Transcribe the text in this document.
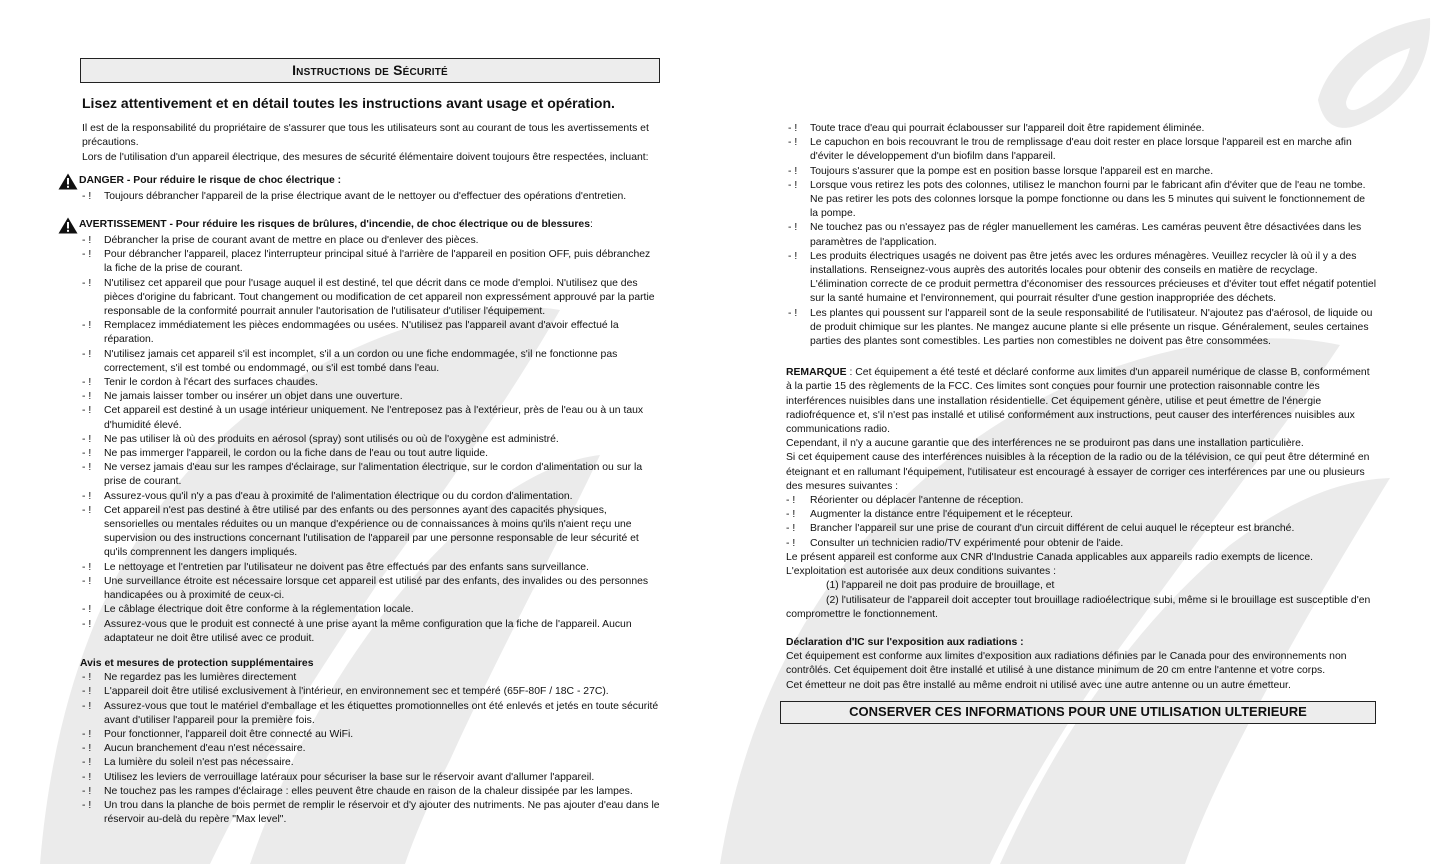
Instructions de Sécurité
Lisez attentivement et en détail toutes les instructions avant usage et opération.
Il est de la responsabilité du propriétaire de s'assurer que tous les utilisateurs sont au courant de tous les avertissements et précautions.
Lors de l'utilisation d'un appareil électrique, des mesures de sécurité élémentaire doivent toujours être respectées, incluant:
DANGER - Pour réduire le risque de choc électrique :
- ! Toujours débrancher l'appareil de la prise électrique avant de le nettoyer ou d'effectuer des opérations d'entretien.
AVERTISSEMENT - Pour réduire les risques de brûlures, d'incendie, de choc électrique ou de blessures :
- ! Débrancher la prise de courant avant de mettre en place ou d'enlever des pièces.
- ! Pour débrancher l'appareil, placez l'interrupteur principal situé à l'arrière de l'appareil en position OFF, puis débranchez la fiche de la prise de courant.
- ! N'utilisez cet appareil que pour l'usage auquel il est destiné, tel que décrit dans ce mode d'emploi. N'utilisez que des pièces d'origine du fabricant. Tout changement ou modification de cet appareil non expressément approuvé par la partie responsable de la conformité pourrait annuler l'autorisation de l'utilisateur d'utiliser l'équipement.
- ! Remplacez immédiatement les pièces endommagées ou usées. N'utilisez pas l'appareil avant d'avoir effectué la réparation.
- ! N'utilisez jamais cet appareil s'il est incomplet, s'il a un cordon ou une fiche endommagée, s'il ne fonctionne pas correctement, s'il est tombé ou endommagé, ou s'il est tombé dans l'eau.
- ! Tenir le cordon à l'écart des surfaces chaudes.
- ! Ne jamais laisser tomber ou insérer un objet dans une ouverture.
- ! Cet appareil est destiné à un usage intérieur uniquement. Ne l'entreposez pas à l'extérieur, près de l'eau ou à un taux d'humidité élevé.
- ! Ne pas utiliser là où des produits en aérosol (spray) sont utilisés ou où de l'oxygène est administré.
- ! Ne pas immerger l'appareil, le cordon ou la fiche dans de l'eau ou tout autre liquide.
- ! Ne versez jamais d'eau sur les rampes d'éclairage, sur l'alimentation électrique, sur le cordon d'alimentation ou sur la prise de courant.
- ! Assurez-vous qu'il n'y a pas d'eau à proximité de l'alimentation électrique ou du cordon d'alimentation.
- ! Cet appareil n'est pas destiné à être utilisé par des enfants ou des personnes ayant des capacités physiques, sensorielles ou mentales réduites ou un manque d'expérience ou de connaissances à moins qu'ils n'aient reçu une supervision ou des instructions concernant l'utilisation de l'appareil par une personne responsable de leur sécurité et qu'ils comprennent les dangers impliqués.
- ! Le nettoyage et l'entretien par l'utilisateur ne doivent pas être effectués par des enfants sans surveillance.
- ! Une surveillance étroite est nécessaire lorsque cet appareil est utilisé par des enfants, des invalides ou des personnes handicapées ou à proximité de ceux-ci.
- ! Le câblage électrique doit être conforme à la réglementation locale.
- ! Assurez-vous que le produit est connecté à une prise ayant la même configuration que la fiche de l'appareil. Aucun adaptateur ne doit être utilisé avec ce produit.
Avis et mesures de protection supplémentaires
- ! Ne regardez pas les lumières directement
- ! L'appareil doit être utilisé exclusivement à l'intérieur, en environnement sec et tempéré (65F-80F / 18C - 27C).
- ! Assurez-vous que tout le matériel d'emballage et les étiquettes promotionnelles ont été enlevés et jetés en toute sécurité avant d'utiliser l'appareil pour la première fois.
- ! Pour fonctionner, l'appareil doit être connecté au WiFi.
- ! Aucun branchement d'eau n'est nécessaire.
- ! La lumière du soleil n'est pas nécessaire.
- ! Utilisez les leviers de verrouillage latéraux pour sécuriser la base sur le réservoir avant d'allumer l'appareil.
- ! Ne touchez pas les rampes d'éclairage : elles peuvent être chaude en raison de la chaleur dissipée par les lampes.
- ! Un trou dans la planche de bois permet de remplir le réservoir et d'y ajouter des nutriments. Ne pas ajouter d'eau dans le réservoir au-delà du repère "Max level".
- ! Toute trace d'eau qui pourrait éclabousser sur l'appareil doit être rapidement éliminée.
- ! Le capuchon en bois recouvrant le trou de remplissage d'eau doit rester en place lorsque l'appareil est en marche afin d'éviter le développement d'un biofilm dans l'appareil.
- ! Toujours s'assurer que la pompe est en position basse lorsque l'appareil est en marche.
- ! Lorsque vous retirez les pots des colonnes, utilisez le manchon fourni par le fabricant afin d'éviter que de l'eau ne tombe. Ne pas retirer les pots des colonnes lorsque la pompe fonctionne ou dans les 5 minutes qui suivent le fonctionnement de la pompe.
- ! Ne touchez pas ou n'essayez pas de régler manuellement les caméras. Les caméras peuvent être désactivées dans les paramètres de l'application.
- ! Les produits électriques usagés ne doivent pas être jetés avec les ordures ménagères. Veuillez recycler là où il y a des installations. Renseignez-vous auprès des autorités locales pour obtenir des conseils en matière de recyclage. L'élimination correcte de ce produit permettra d'économiser des ressources précieuses et d'éviter tout effet négatif potentiel sur la santé humaine et l'environnement, qui pourrait résulter d'une gestion inappropriée des déchets.
- ! Les plantes qui poussent sur l'appareil sont de la seule responsabilité de l'utilisateur. N'ajoutez pas d'aérosol, de liquide ou de produit chimique sur les plantes. Ne mangez aucune plante si elle présente un risque. Généralement, seules certaines parties des plantes sont comestibles. Les parties non comestibles ne doivent pas être consommées.
REMARQUE : Cet équipement a été testé et déclaré conforme aux limites d'un appareil numérique de classe B, conformément à la partie 15 des règlements de la FCC. Ces limites sont conçues pour fournir une protection raisonnable contre les interférences nuisibles dans une installation résidentielle. Cet équipement génère, utilise et peut émettre de l'énergie radiofréquence et, s'il n'est pas installé et utilisé conformément aux instructions, peut causer des interférences nuisibles aux communications radio.
Cependant, il n'y a aucune garantie que des interférences ne se produiront pas dans une installation particulière.
Si cet équipement cause des interférences nuisibles à la réception de la radio ou de la télévision, ce qui peut être déterminé en éteignant et en rallumant l'équipement, l'utilisateur est encouragé à essayer de corriger ces interférences par une ou plusieurs des mesures suivantes :
- ! Réorienter ou déplacer l'antenne de réception.
- ! Augmenter la distance entre l'équipement et le récepteur.
- ! Brancher l'appareil sur une prise de courant d'un circuit différent de celui auquel le récepteur est branché.
- ! Consulter un technicien radio/TV expérimenté pour obtenir de l'aide.
Le présent appareil est conforme aux CNR d'Industrie Canada applicables aux appareils radio exempts de licence. L'exploitation est autorisée aux deux conditions suivantes :
(1) l'appareil ne doit pas produire de brouillage, et
(2) l'utilisateur de l'appareil doit accepter tout brouillage radioélectrique subi, même si le brouillage est susceptible d'en
compromettre le fonctionnement.
Déclaration d'IC sur l'exposition aux radiations :
Cet équipement est conforme aux limites d'exposition aux radiations définies par le Canada pour des environnements non contrôlés. Cet équipement doit être installé et utilisé à une distance minimum de 20 cm entre l'antenne et votre corps.
Cet émetteur ne doit pas être installé au même endroit ni utilisé avec une autre antenne ou un autre émetteur.
CONSERVER CES INFORMATIONS POUR UNE UTILISATION ULTERIEURE
